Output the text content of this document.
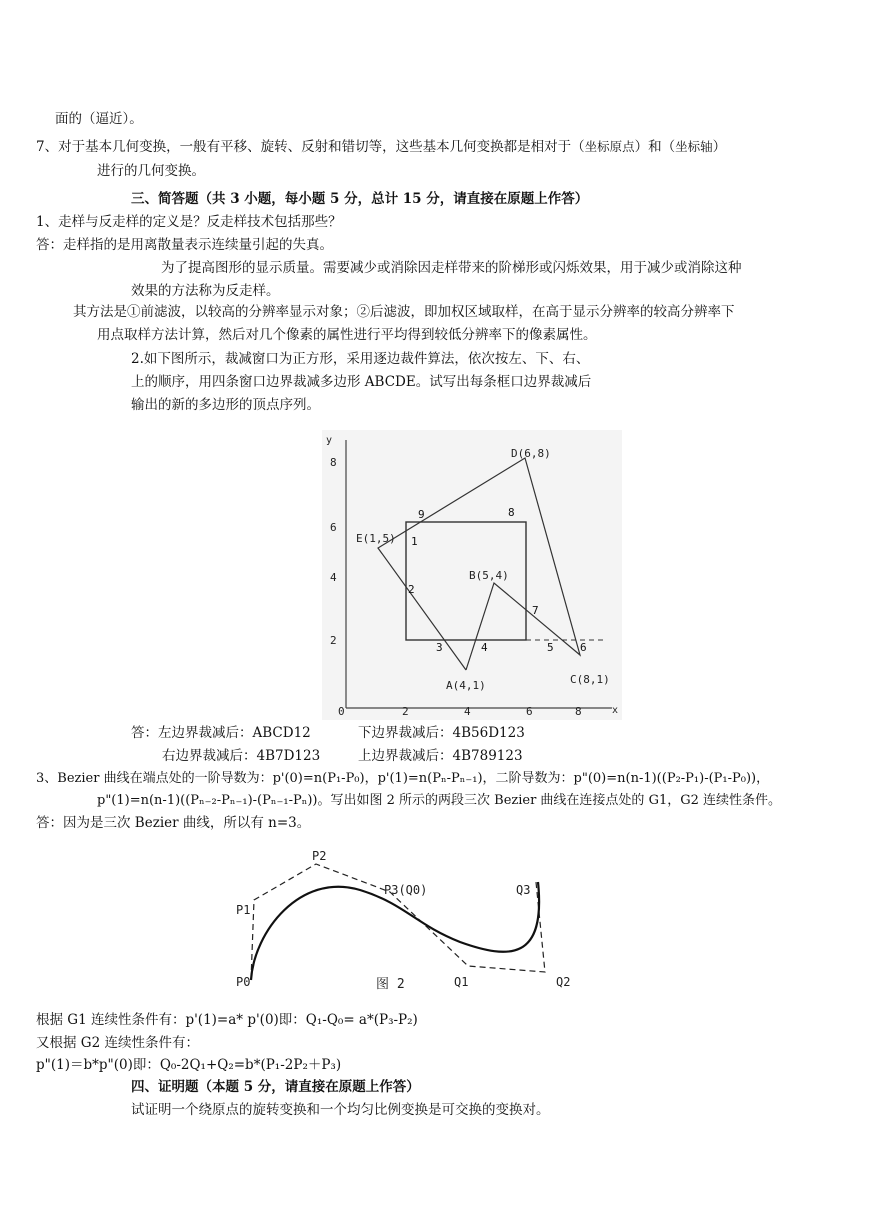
面的（逼近）。
7、对于基本几何变换，一般有平移、旋转、反射和错切等，这些基本几何变换都是相对于（坐标原点）和（坐标轴）
进行的几何变换。
三、简答题（共 3 小题，每小题 5 分，总计 15 分，请直接在原题上作答）
1、走样与反走样的定义是？反走样技术包括那些？
答：走样指的是用离散量表示连续量引起的失真。
为了提高图形的显示质量。需要减少或消除因走样带来的阶梯形或闪烁效果，用于减少或消除这种
效果的方法称为反走样。
其方法是①前滤波，以较高的分辨率显示对象；②后滤波，即加权区域取样，在高于显示分辨率的较高分辨率下
用点取样方法计算，然后对几个像素的属性进行平均得到较低分辨率下的像素属性。
2.如下图所示，裁减窗口为正方形，采用逐边裁件算法，依次按左、下、右、
上的顺序，用四条窗口边界裁减多边形 ABCDE。试写出每条框口边界裁减后
输出的新的多边形的顶点序列。
0	2	4	6	8	x
2
4
6
8
y
A(4,1)
B(5,4)
C(8,1)
D(6,8)
E(1,5) 1
2
3	4	5 6
7
8
9
答：左边界裁减后：ABCD12	下边界裁减后：4B56D123
右边界裁减后：4B7D123	上边界裁减后：4B789123
3、Bezier 曲线在端点处的一阶导数为：p'(0)=n(P₁-P₀)，p'(1)=n(Pₙ-Pₙ₋₁)，二阶导数为：p"(0)=n(n-1)((P₂-P₁)-(P₁-P₀))，
p"(1)=n(n-1)((Pₙ₋₂-Pₙ₋₁)-(Pₙ₋₁-Pₙ))。写出如图 2 所示的两段三次 Bezier 曲线在连接点处的 G1，G2 连续性条件。
答：因为是三次 Bezier 曲线，所以有 n=3。
P0
P1
P2
P3(Q0)
Q1	Q2
Q3
图 2
根据 G1 连续性条件有：p'(1)=a* p'(0)即：Q₁-Q₀= a*(P₃-P₂)
又根据 G2 连续性条件有：
p"(1)＝b*p"(0)即：Q₀-2Q₁+Q₂=b*(P₁-2P₂＋P₃)
四、证明题（本题 5 分，请直接在原题上作答）
试证明一个绕原点的旋转变换和一个均匀比例变换是可交换的变换对。
